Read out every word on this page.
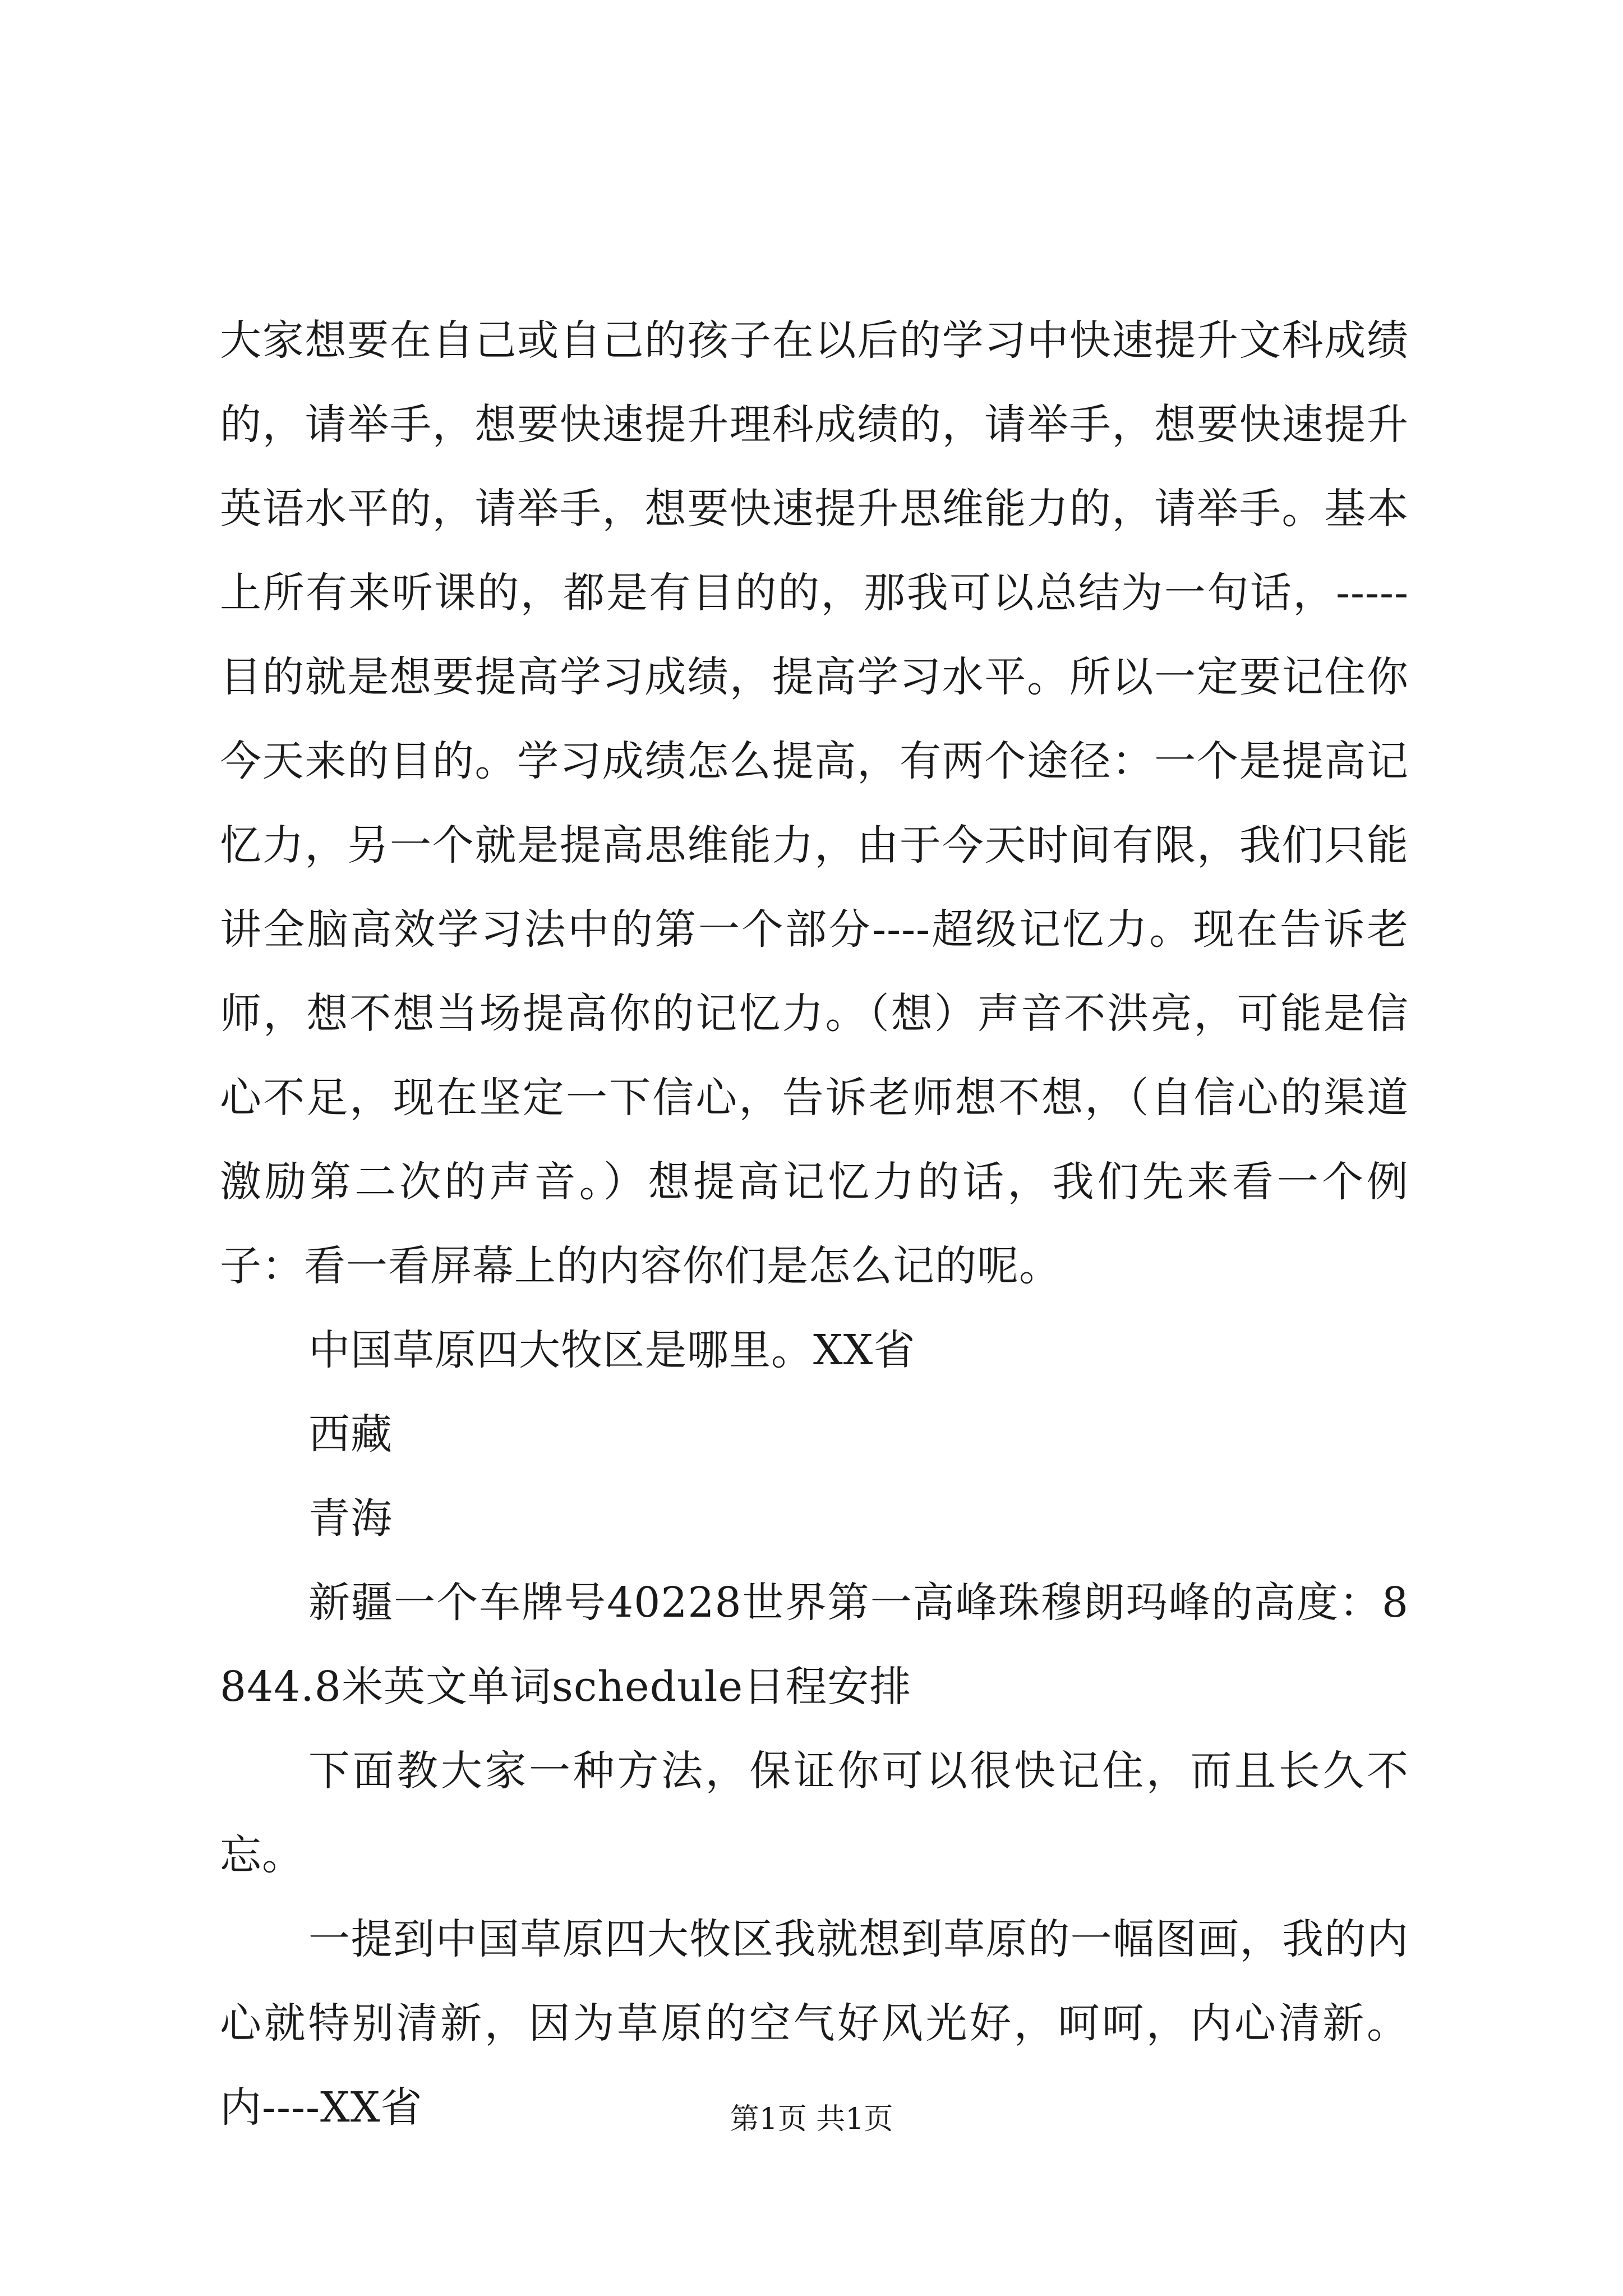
大家想要在自己或自己的孩子在以后的学习中快速提升文科成绩的，请举手，想要快速提升理科成绩的，请举手，想要快速提升英语水平的，请举手，想要快速提升思维能力的，请举手。基本上所有来听课的，都是有目的的，那我可以总结为一句话，-----目的就是想要提高学习成绩，提高学习水平。所以一定要记住你今天来的目的。学习成绩怎么提高，有两个途径：一个是提高记忆力，另一个就是提高思维能力，由于今天时间有限，我们只能讲全脑高效学习法中的第一个部分----超级记忆力。现在告诉老师，想不想当场提高你的记忆力。（想）声音不洪亮，可能是信心不足，现在坚定一下信心，告诉老师想不想，（自信心的渠道激励第二次的声音。）想提高记忆力的话，我们先来看一个例子：看一看屏幕上的内容你们是怎么记的呢。

中国草原四大牧区是哪里。XX省

西藏

青海

新疆一个车牌号40228世界第一高峰珠穆朗玛峰的高度：8844.8米英文单词schedule日程安排

下面教大家一种方法，保证你可以很快记住，而且长久不忘。

一提到中国草原四大牧区我就想到草原的一幅图画，我的内心就特别清新，因为草原的空气好风光好，呵呵，内心清新。内----XX省	第1页 共1页
